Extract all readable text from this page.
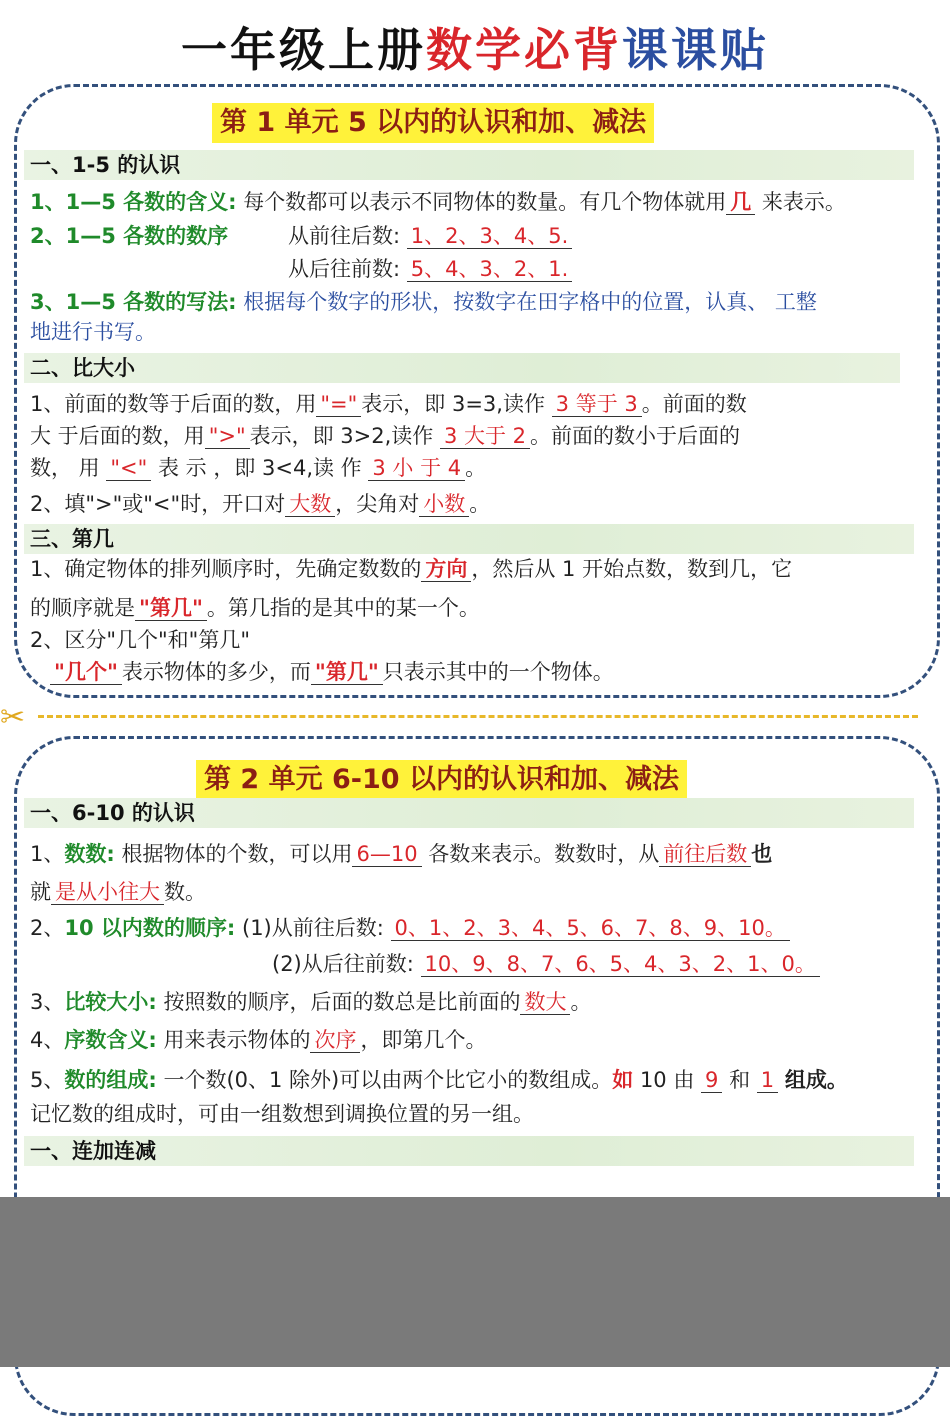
一年级上册数学必背课课贴
第 1 单元 5 以内的认识和加、减法
一、1-5 的认识
1、1—5 各数的含义: 每个数都可以表示不同物体的数量。有几个物体就用 几 来表示。
2、1—5 各数的数序	从前往后数: 1、2、3、4、5.
从后往前数: 5、4、3、2、1.
3、1—5 各数的写法: 根据每个数字的形状，按数字在田字格中的位置，认真、 工整
地进行书写。
二、比大小
1、前面的数等于后面的数，用 "=" 表示，即 3=3,读作 3 等于 3 。前面的数
大 于后面的数，用 ">" 表示，即 3>2,读作 3 大于 2 。前面的数小于后面的
数， 用 "<" 表 示 ，即 3<4,读 作 3 小 于 4 。
2、填">"或"<"时，开口对 大数 ，尖角对 小数 。
三、第几
1、确定物体的排列顺序时，先确定数数的 方向 ，然后从 1 开始点数，数到几，它
的顺序就是 "第几" 。第几指的是其中的某一个。
2、区分"几个"和"第几"
"几个" 表示物体的多少，而 "第几" 只表示其中的一个物体。
✂
第 2 单元 6-10 以内的认识和加、减法
一、6-10 的认识
1、数数: 根据物体的个数，可以用 6—10 各数来表示。数数时，从 前往后数 也
就 是从小往大 数。
2、10 以内数的顺序: (1)从前往后数: 0、1、2、3、4、5、6、7、8、9、10。
(2)从后往前数: 10、9、8、7、6、5、4、3、2、1、0。
3、比较大小: 按照数的顺序，后面的数总是比前面的 数大 。
4、序数含义: 用来表示物体的 次序 ，即第几个。
5、数的组成: 一个数(0、1 除外)可以由两个比它小的数组成。如 10 由 9 和 1 组成。
记忆数的组成时，可由一组数想到调换位置的另一组。
一、连加连减
